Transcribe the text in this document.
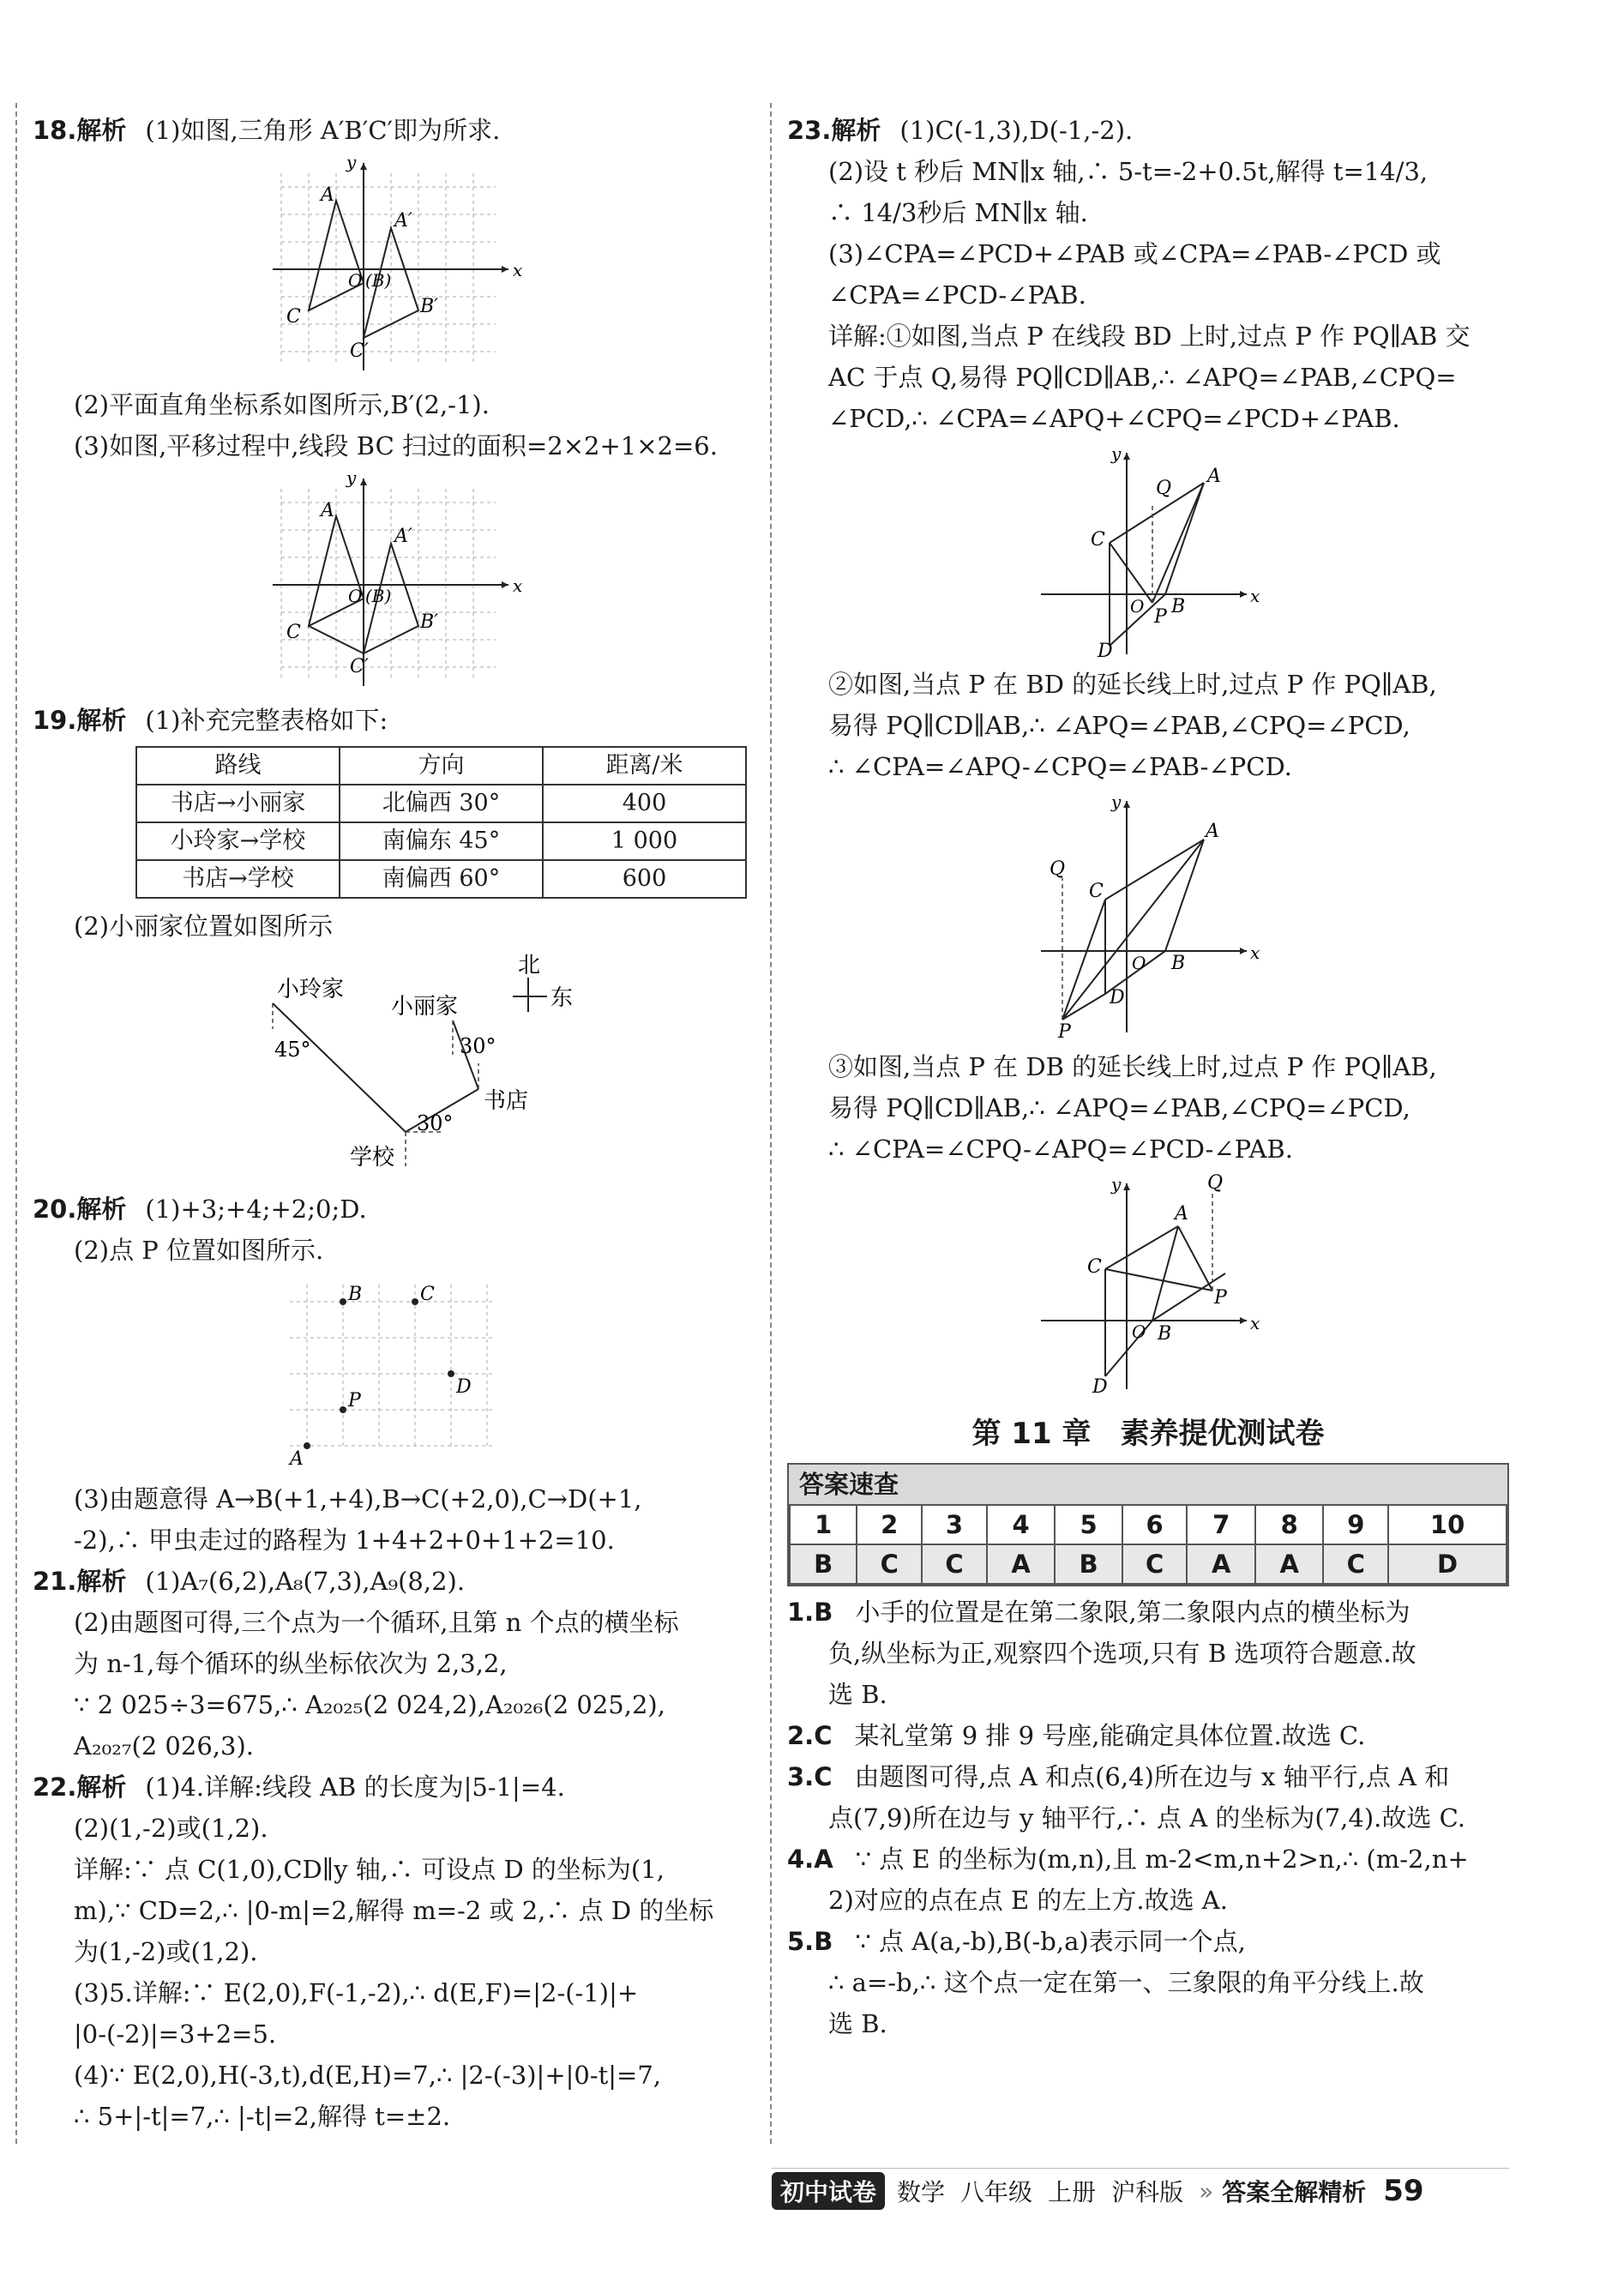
18.解析 (1)如图,三角形 A′B′C′即为所求.

x
y
A
A′
O (B)
B′
C
C′

(2)平面直角坐标系如图所示,B′(2,-1).

(3)如图,平移过程中,线段 BC 扫过的面积=2×2+1×2=6.

x
y
A
A′
O (B)
B′
C
C′

19.解析 (1)补充完整表格如下:

路线	方向	距离/米
书店→小丽家	北偏西 30°	400
小玲家→学校	南偏东 45°	1 000
书店→学校	南偏西 60°	600

(2)小丽家位置如图所示

小玲家
小丽家
北
东
45°	30°
书店
30°
学校

20.解析 (1)+3;+4;+2;0;D.

(2)点 P 位置如图所示.

A
B	C
D
P

(3)由题意得 A→B(+1,+4),B→C(+2,0),C→D(+1,

-2),∴ 甲虫走过的路程为 1+4+2+0+1+2=10.

21.解析 (1)A₇(6,2),A₈(7,3),A₉(8,2).

(2)由题图可得,三个点为一个循环,且第 n 个点的横坐标

为 n-1,每个循环的纵坐标依次为 2,3,2,

∵ 2 025÷3=675,∴ A₂₀₂₅(2 024,2),A₂₀₂₆(2 025,2),

A₂₀₂₇(2 026,3).

22.解析 (1)4.详解:线段 AB 的长度为|5-1|=4.

(2)(1,-2)或(1,2).

详解:∵ 点 C(1,0),CD∥y 轴,∴ 可设点 D 的坐标为(1,

m),∵ CD=2,∴ |0-m|=2,解得 m=-2 或 2,∴ 点 D 的坐标

为(1,-2)或(1,2).

(3)5.详解:∵ E(2,0),F(-1,-2),∴ d(E,F)=|2-(-1)|+

|0-(-2)|=3+2=5.

(4)∵ E(2,0),H(-3,t),d(E,H)=7,∴ |2-(-3)|+|0-t|=7,

∴ 5+|-t|=7,∴ |-t|=2,解得 t=±2.

23.解析 (1)C(-1,3),D(-1,-2).

(2)设 t 秒后 MN∥x 轴,∴ 5-t=-2+0.5t,解得 t=14/3,

∴ 14/3秒后 MN∥x 轴.

(3)∠CPA=∠PCD+∠PAB 或∠CPA=∠PAB-∠PCD 或

∠CPA=∠PCD-∠PAB.

详解:①如图,当点 P 在线段 BD 上时,过点 P 作 PQ∥AB 交

AC 于点 Q,易得 PQ∥CD∥AB,∴ ∠APQ=∠PAB,∠CPQ=

∠PCD,∴ ∠CPA=∠APQ+∠CPQ=∠PCD+∠PAB.

x
y
A
Q
C
O B
P
D

②如图,当点 P 在 BD 的延长线上时,过点 P 作 PQ∥AB,

易得 PQ∥CD∥AB,∴ ∠APQ=∠PAB,∠CPQ=∠PCD,

∴ ∠CPA=∠APQ-∠CPQ=∠PAB-∠PCD.

x
y
A
Q
C
O B
D
P

③如图,当点 P 在 DB 的延长线上时,过点 P 作 PQ∥AB,

易得 PQ∥CD∥AB,∴ ∠APQ=∠PAB,∠CPQ=∠PCD,

∴ ∠CPA=∠CPQ-∠APQ=∠PCD-∠PAB.

x
y
A
Q
C
P
O B
D
第 11 章　素养提优测试卷
答案速查
1	2	3	4	5	6	7	8	9	10
B	C	C	A	B	C	A	A	C	D

1.B 小手的位置是在第二象限,第二象限内点的横坐标为

负,纵坐标为正,观察四个选项,只有 B 选项符合题意.故

选 B.

2.C 某礼堂第 9 排 9 号座,能确定具体位置.故选 C.

3.C 由题图可得,点 A 和点(6,4)所在边与 x 轴平行,点 A 和

点(7,9)所在边与 y 轴平行,∴ 点 A 的坐标为(7,4).故选 C.

4.A ∵ 点 E 的坐标为(m,n),且 m-2<m,n+2>n,∴ (m-2,n+

2)对应的点在点 E 的左上方.故选 A.

5.B ∵ 点 A(a,-b),B(-b,a)表示同一个点,

∴ a=-b,∴ 这个点一定在第一、三象限的角平分线上.故

选 B.

初中试卷 数学 八年级 上册 沪科版 » 答案全解精析 59
